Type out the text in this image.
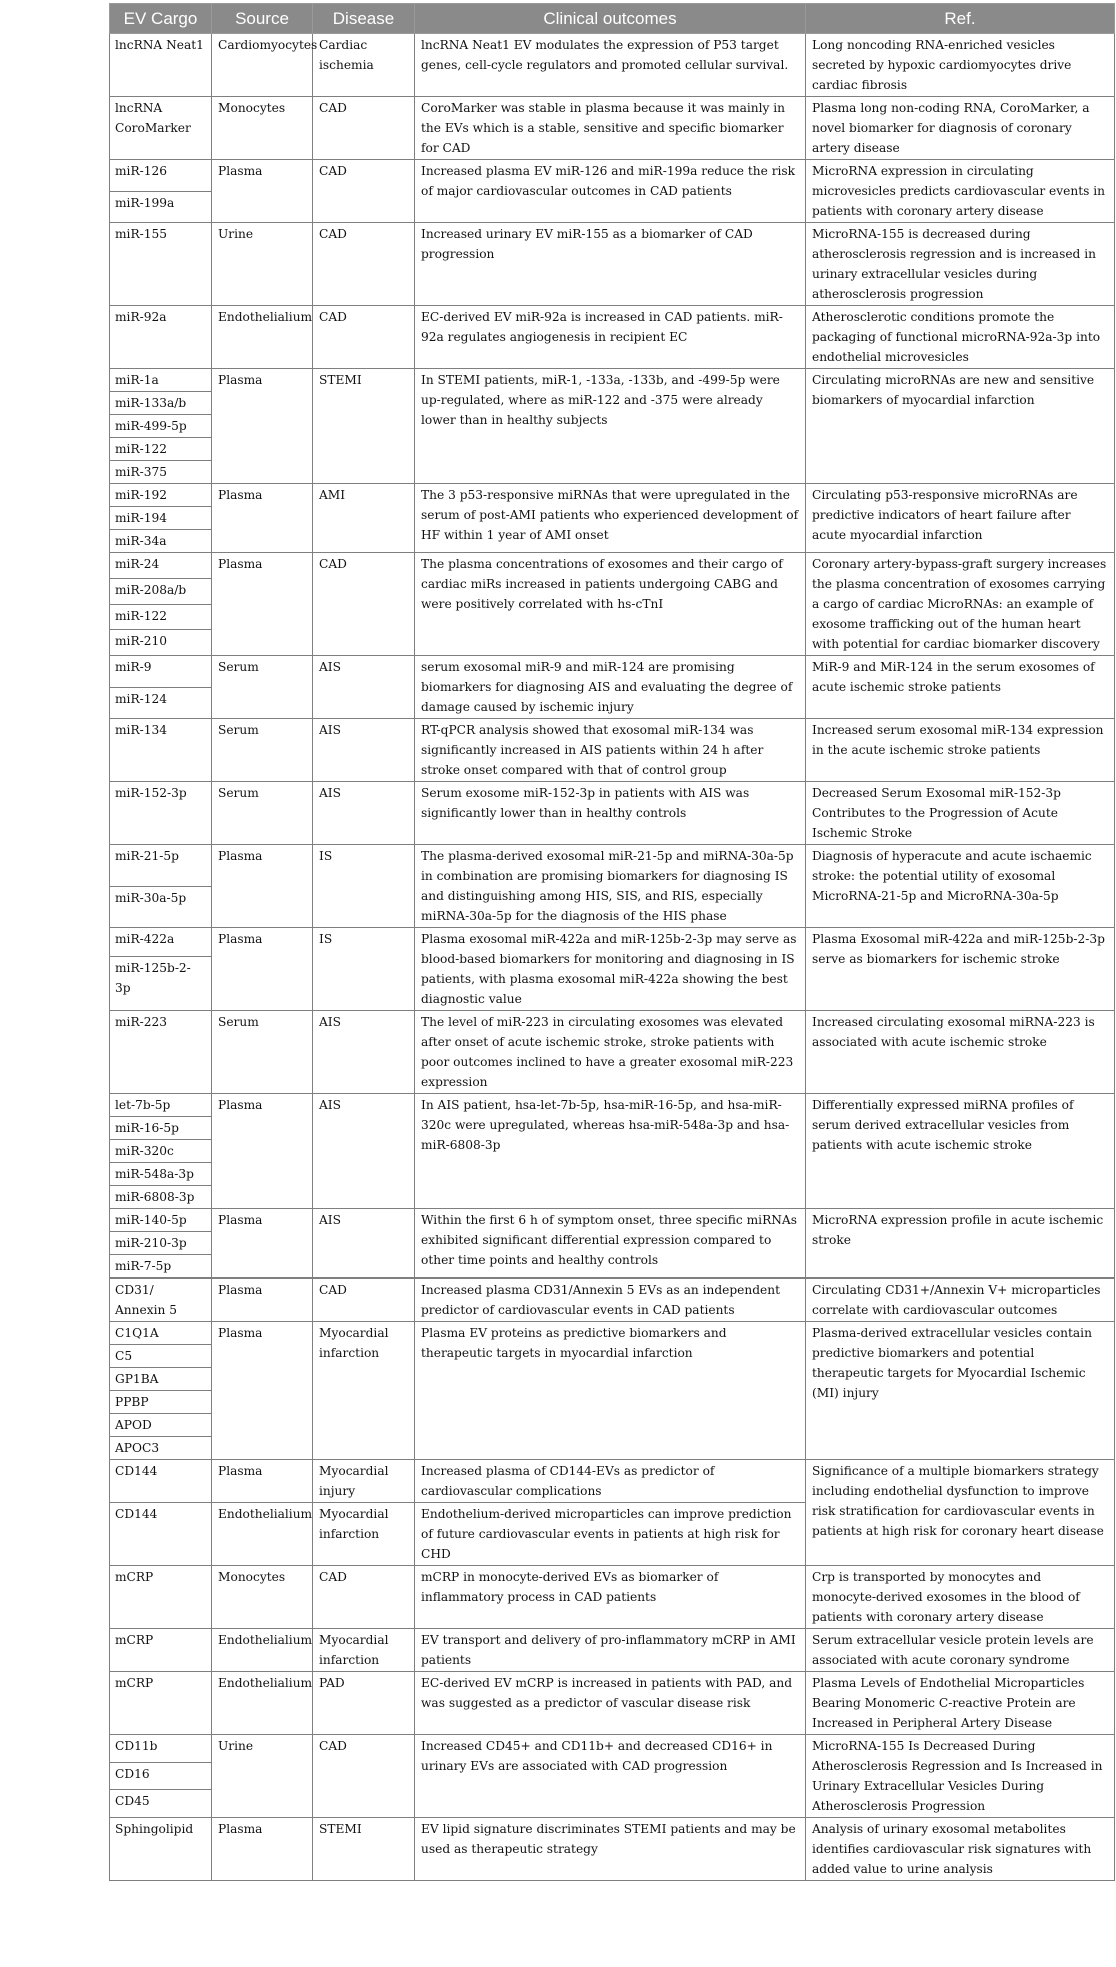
EV Cargo	Source	Disease	Clinical outcomes	Ref.
lncRNA Neat1	Cardiomyocytes	Cardiac ischemia	lncRNA Neat1 EV modulates the expression of P53 target genes, cell-cycle regulators and promoted cellular survival.	Long noncoding RNA-enriched vesicles secreted by hypoxic cardiomyocytes drive cardiac fibrosis
lncRNA CoroMarker	Monocytes	CAD	CoroMarker was stable in plasma because it was mainly in the EVs which is a stable, sensitive and specific biomarker for CAD	Plasma long non-coding RNA, CoroMarker, a novel biomarker for diagnosis of coronary artery disease
miR-126	Plasma	CAD	Increased plasma EV miR-126 and miR-199a reduce the risk of major cardiovascular outcomes in CAD patients	MicroRNA expression in circulating microvesicles predicts cardiovascular events in patients with coronary artery disease
miR-199a				
miR-155	Urine	CAD	Increased urinary EV miR-155 as a biomarker of CAD progression	MicroRNA-155 is decreased during atherosclerosis regression and is increased in urinary extracellular vesicles during atherosclerosis progression
miR-92a	Endothelialium	CAD	EC-derived EV miR-92a is increased in CAD patients. miR-92a regulates angiogenesis in recipient EC	Atherosclerotic conditions promote the packaging of functional microRNA-92a-3p into endothelial microvesicles
miR-1a	Plasma	STEMI	In STEMI patients, miR-1, -133a, -133b, and -499-5p were up-regulated, where as miR-122 and -375 were already lower than in healthy subjects	Circulating microRNAs are new and sensitive biomarkers of myocardial infarction
miR-133a/b				
miR-499-5p				
miR-122				
miR-375				
miR-192	Plasma	AMI	The 3 p53-responsive miRNAs that were upregulated in the serum of post-AMI patients who experienced development of HF within 1 year of AMI onset	Circulating p53-responsive microRNAs are predictive indicators of heart failure after acute myocardial infarction
miR-194				
miR-34a				
miR-24	Plasma	CAD	The plasma concentrations of exosomes and their cargo of cardiac miRs increased in patients undergoing CABG and were positively correlated with hs-cTnI	Coronary artery-bypass-graft surgery increases the plasma concentration of exosomes carrying a cargo of cardiac MicroRNAs: an example of exosome trafficking out of the human heart with potential for cardiac biomarker discovery
miR-208a/b				
miR-122				
miR-210				
miR-9	Serum	AIS	serum exosomal miR-9 and miR-124 are promising biomarkers for diagnosing AIS and evaluating the degree of damage caused by ischemic injury	MiR-9 and MiR-124 in the serum exosomes of acute ischemic stroke patients
miR-124				
miR-134	Serum	AIS	RT-qPCR analysis showed that exosomal miR-134 was significantly increased in AIS patients within 24 h after stroke onset compared with that of control group	Increased serum exosomal miR-134 expression in the acute ischemic stroke patients
miR-152-3p	Serum	AIS	Serum exosome miR-152-3p in patients with AIS was significantly lower than in healthy controls	Decreased Serum Exosomal miR-152-3p Contributes to the Progression of Acute Ischemic Stroke
miR-21-5p	Plasma	IS	The plasma-derived exosomal miR-21-5p and miRNA-30a-5p in combination are promising biomarkers for diagnosing IS and distinguishing among HIS, SIS, and RIS, especially miRNA-30a-5p for the diagnosis of the HIS phase	Diagnosis of hyperacute and acute ischaemic stroke: the potential utility of exosomal MicroRNA-21-5p and MicroRNA-30a-5p
miR-30a-5p				
miR-422a	Plasma	IS	Plasma exosomal miR-422a and miR-125b-2-3p may serve as blood-based biomarkers for monitoring and diagnosing in IS patients, with plasma exosomal miR-422a showing the best diagnostic value	Plasma Exosomal miR-422a and miR-125b-2-3p serve as biomarkers for ischemic stroke
miR-125b-2-3p				
miR-223	Serum	AIS	The level of miR-223 in circulating exosomes was elevated after onset of acute ischemic stroke, stroke patients with poor outcomes inclined to have a greater exosomal miR-223 expression	Increased circulating exosomal miRNA-223 is associated with acute ischemic stroke
let-7b-5p	Plasma	AIS	In AIS patient, hsa-let-7b-5p, hsa-miR-16-5p, and hsa-miR-320c were upregulated, whereas hsa-miR-548a-3p and hsa-miR-6808-3p	Differentially expressed miRNA profiles of serum derived extracellular vesicles from patients with acute ischemic stroke
miR-16-5p				
miR-320c				
miR-548a-3p				
miR-6808-3p				
miR-140-5p	Plasma	AIS	Within the first 6 h of symptom onset, three specific miRNAs exhibited significant differential expression compared to other time points and healthy controls	MicroRNA expression profile in acute ischemic stroke
miR-210-3p				
miR-7-5p				
CD31/ Annexin 5	Plasma	CAD	Increased plasma CD31/Annexin 5 EVs as an independent predictor of cardiovascular events in CAD patients	Circulating CD31+/Annexin V+ microparticles correlate with cardiovascular outcomes
C1Q1A	Plasma	Myocardial infarction	Plasma EV proteins as predictive biomarkers and therapeutic targets in myocardial infarction	Plasma-derived extracellular vesicles contain predictive biomarkers and potential therapeutic targets for Myocardial Ischemic (MI) injury
C5				
GP1BA				
PPBP				
APOD				
APOC3				
CD144	Plasma	Myocardial injury	Increased plasma of CD144-EVs as predictor of cardiovascular complications	Significance of a multiple biomarkers strategy including endothelial dysfunction to improve risk stratification for cardiovascular events in patients at high risk for coronary heart disease
CD144	Endothelialium	Myocardial infarction	Endothelium-derived microparticles can improve prediction of future cardiovascular events in patients at high risk for CHD	
mCRP	Monocytes	CAD	mCRP in monocyte-derived EVs as biomarker of inflammatory process in CAD patients	Crp is transported by monocytes and monocyte-derived exosomes in the blood of patients with coronary artery disease
mCRP	Endothelialium	Myocardial infarction	EV transport and delivery of pro-inflammatory mCRP in AMI patients	Serum extracellular vesicle protein levels are associated with acute coronary syndrome
mCRP	Endothelialium	PAD	EC-derived EV mCRP is increased in patients with PAD, and was suggested as a predictor of vascular disease risk	Plasma Levels of Endothelial Microparticles Bearing Monomeric C-reactive Protein are Increased in Peripheral Artery Disease
CD11b	Urine	CAD	Increased CD45+ and CD11b+ and decreased CD16+ in urinary EVs are associated with CAD progression	MicroRNA-155 Is Decreased During Atherosclerosis Regression and Is Increased in Urinary Extracellular Vesicles During Atherosclerosis Progression
CD16				
CD45				
Sphingolipid	Plasma	STEMI	EV lipid signature discriminates STEMI patients and may be used as therapeutic strategy	Analysis of urinary exosomal metabolites identifies cardiovascular risk signatures with added value to urine analysis
